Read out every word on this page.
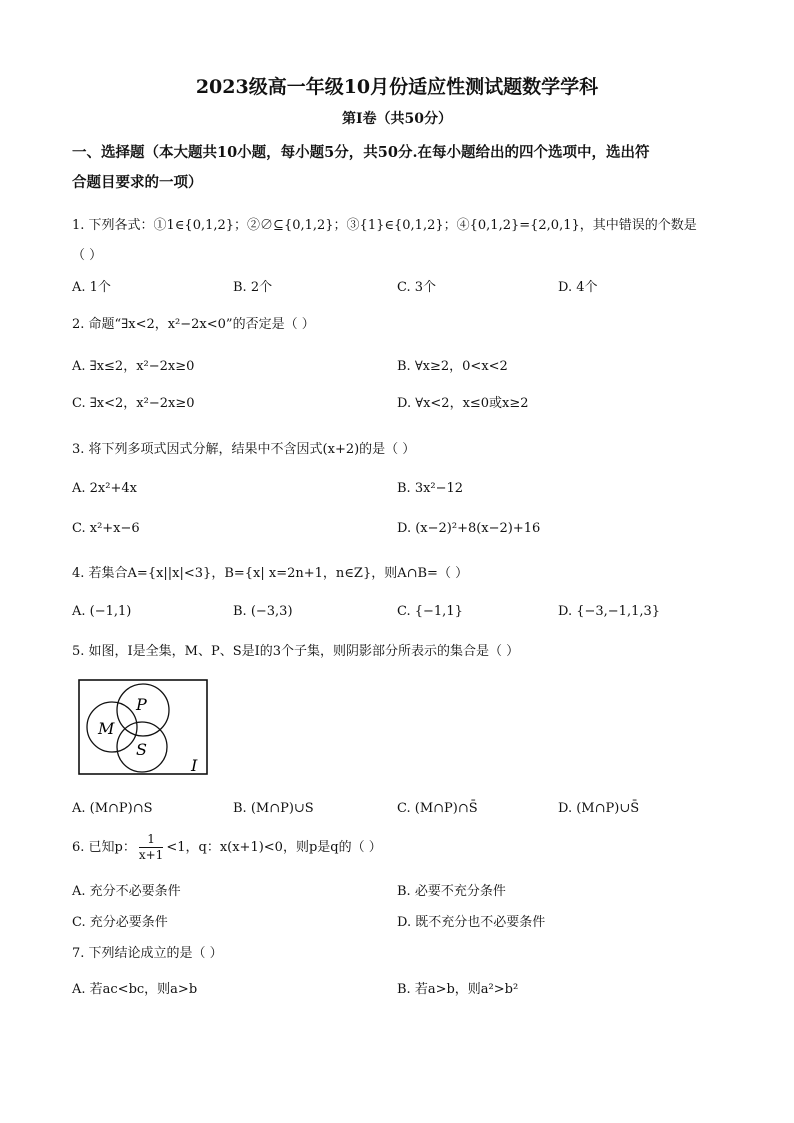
2023级高一年级10月份适应性测试题数学学科
第Ⅰ卷（共50分）
一、选择题（本大题共10小题，每小题5分，共50分.在每小题给出的四个选项中，选出符
合题目要求的一项）
1. 下列各式：①1∈{0,1,2}；②∅⊆{0,1,2}；③{1}∈{0,1,2}；④{0,1,2}={2,0,1}，其中错误的个数是
（ ）
A. 1个	B. 2个	C. 3个	D. 4个
2. 命题“∃x<2，x²−2x<0”的否定是（ ）
A. ∃x≤2，x²−2x≥0	B. ∀x≥2，0<x<2
C. ∃x<2，x²−2x≥0	D. ∀x<2，x≤0或x≥2
3. 将下列多项式因式分解，结果中不含因式(x+2)的是（ ）
A. 2x²+4x	B. 3x²−12
C. x²+x−6	D. (x−2)²+8(x−2)+16
4. 若集合A={x||x|<3}，B={x| x=2n+1，n∈Z}，则A∩B=（ ）
A. (−1,1)	B. (−3,3)	C. {−1,1}	D. {−3,−1,1,3}
5. 如图，I是全集，M、P、S是I的3个子集，则阴影部分所表示的集合是（ ）
M
P
S
I
A. (M∩P)∩S	B. (M∩P)∪S	C. (M∩P)∩S̄	D. (M∩P)∪S̄
6. 已知p： $\frac{1}{x+1} <1$，q：x(x+1)<0，则p是q的（ ）
A. 充分不必要条件	B. 必要不充分条件
C. 充分必要条件	D. 既不充分也不必要条件
7. 下列结论成立的是（ ）
A. 若ac<bc，则a>b	B. 若a>b，则a²>b²
